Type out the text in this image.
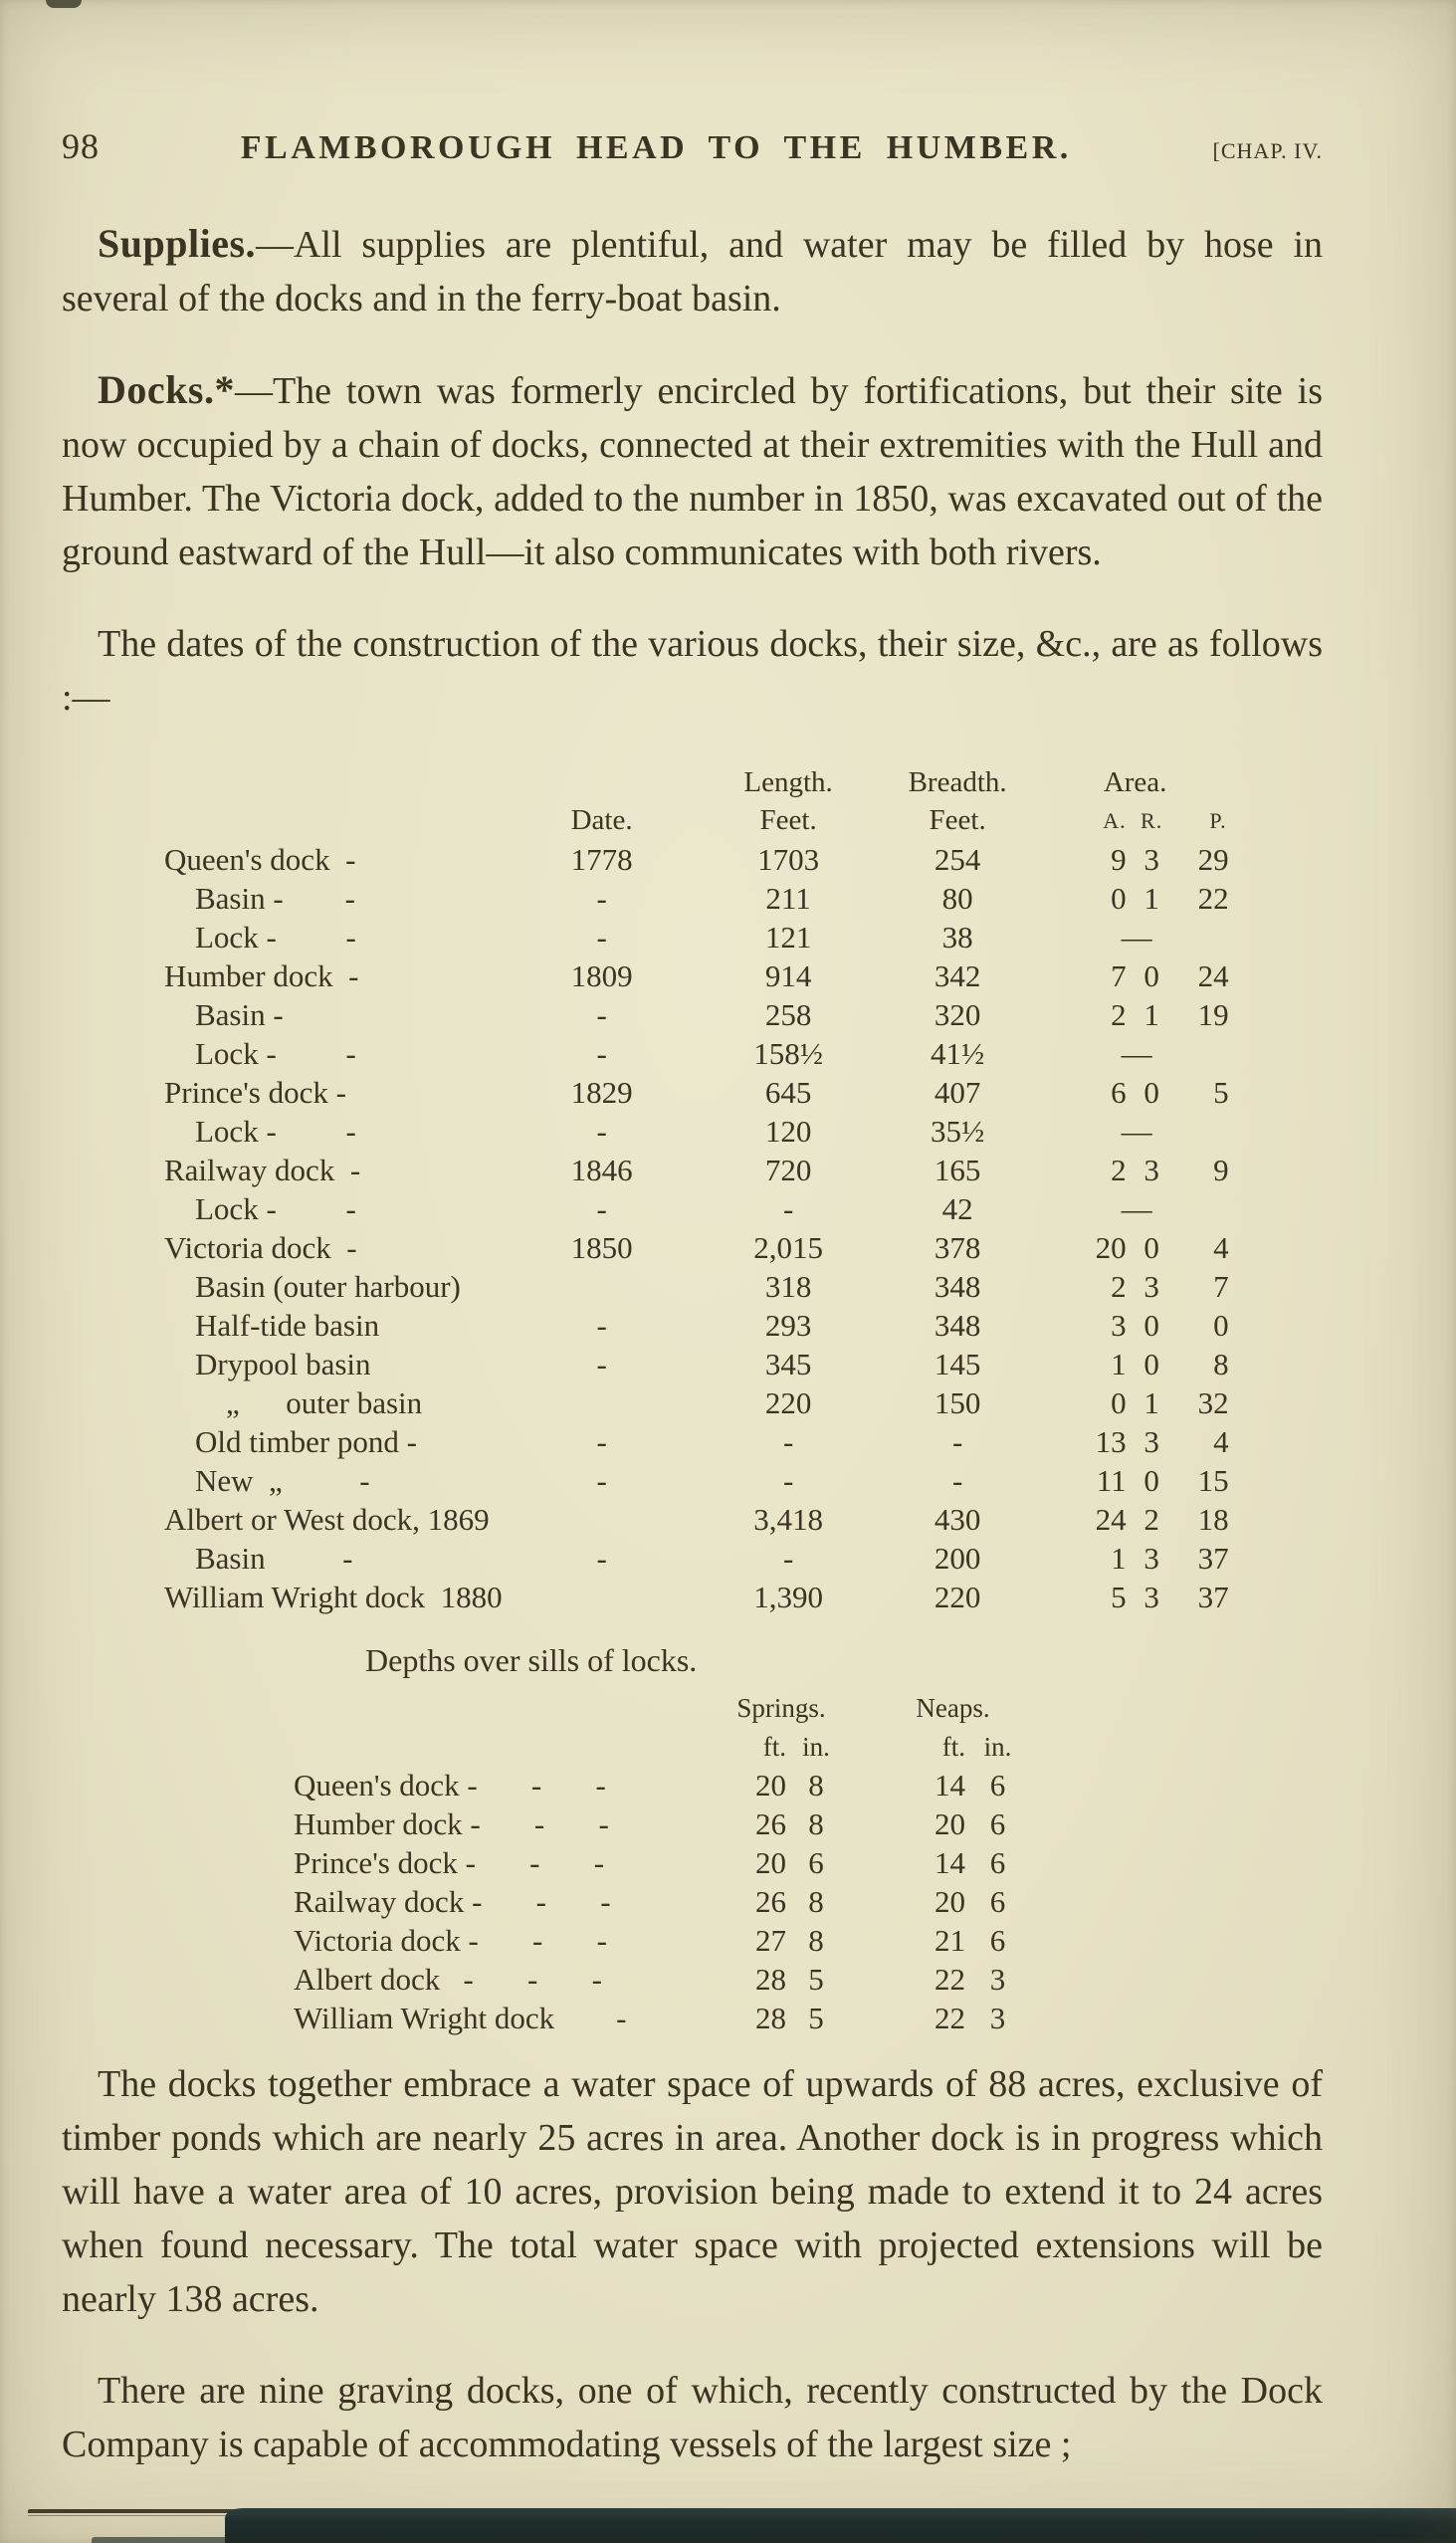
98	FLAMBOROUGH HEAD TO THE HUMBER.	[CHAP. IV.

Supplies.—All supplies are plentiful, and water may be filled by hose in several of the docks and in the ferry-boat basin.

Docks.*—The town was formerly encircled by fortifications, but their site is now occupied by a chain of docks, connected at their extremities with the Hull and Humber. The Victoria dock, added to the number in 1850, was excavated out of the ground eastward of the Hull—it also communicates with both rivers.

The dates of the construction of the various docks, their size, &c., are as follows :—

		Length.	Breadth.	Area.		
	Date.	Feet.	Feet.	A.	R.	P.
Queen's dock  -	1778	1703	254	9	3	29
Basin -        -	-	211	80	0	1	22
Lock -         -	-	121	38	—		
Humber dock  -	1809	914	342	7	0	24
Basin -	-	258	320	2	1	19
Lock -         -	-	158½	41½	—		
Prince's dock -	1829	645	407	6	0	5
Lock -         -	-	120	35½	—		
Railway dock  -	1846	720	165	2	3	9
Lock -         -	-	-	42	—		
Victoria dock  -	1850	2,015	378	20	0	4
Basin (outer harbour)		318	348	2	3	7
Half-tide basin	-	293	348	3	0	0
Drypool basin	-	345	145	1	0	8
„      outer basin		220	150	0	1	32
Old timber pond -	-	-	-	13	3	4
New  „          -	-	-	-	11	0	15
Albert or West dock, 1869		3,418	430	24	2	18
Basin          -	-	-	200	1	3	37
William Wright dock  1880		1,390	220	5	3	37
Depths over sills of locks.
	Springs.		Neaps.	
	ft.	in.	ft.	in.
Queen's dock -       -       -	20	8	14	6
Humber dock -       -       -	26	8	20	6
Prince's dock -       -       -	20	6	14	6
Railway dock -       -       -	26	8	20	6
Victoria dock -       -       -	27	8	21	6
Albert dock   -       -       -	28	5	22	3
William Wright dock        -	28	5	22	3

The docks together embrace a water space of upwards of 88 acres, exclusive of timber ponds which are nearly 25 acres in area. Another dock is in progress which will have a water area of 10 acres, provision being made to extend it to 24 acres when found necessary. The total water space with projected extensions will be nearly 138 acres.

There are nine graving docks, one of which, recently constructed by the Dock Company is capable of accommodating vessels of the largest size ;
